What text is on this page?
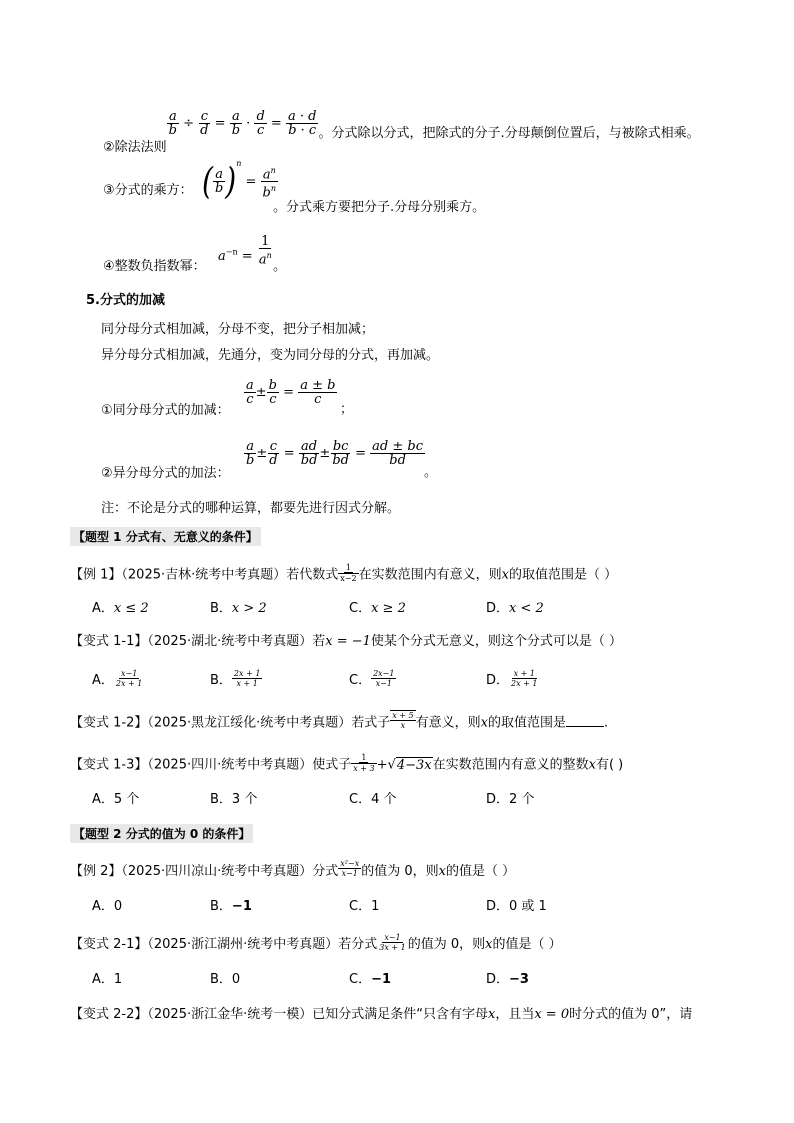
②除法法则
$\frac{a}{b} \div \frac{c}{d} = \frac{a}{b} \cdot \frac{d}{c} = \frac{a \cdot d}{b \cdot c}$ 。分式除以分式，把除式的分子.分母颠倒位置后，与被除式相乘。
③分式的乘方： ( $\frac{a}{b} )^n = \frac{a^n}{b^n}$
。分式乘方要把分子.分母分别乘方。
④整数负指数幂：
$a^{-n} = \frac{1}{a^n}$
。
5.分式的加减
同分母分式相加减，分母不变，把分子相加减；
异分母分式相加减，先通分，变为同分母的分式，再加减。
①同分母分式的加减：
$\frac{a}{c} \pm \frac{b}{c} = \frac{a \pm b}{c}$
；
②异分母分式的加法：
$\frac{a}{b} \pm \frac{c}{d} = \frac{ad}{bd} \pm \frac{bc}{bd} = \frac{ad \pm bc}{bd}$
。
注：不论是分式的哪种运算，都要先进行因式分解。
【题型 1 分式有、无意义的条件】
【例 1】（2025·吉林·统考中考真题）若代数式 $\frac{1}{x-2}$ 在实数范围内有意义，则x的取值范围是（ ）
A．x ≤ 2	B．x > 2	C．x ≥ 2	D．x < 2
【变式 1-1】（2025·湖北·统考中考真题）若x = −1使某个分式无意义，则这个分式可以是（ ）
A． $\frac{x-1}{2x + 1}$	B． $\frac{2x + 1}{x + 1}$	C． $\frac{2x-1}{x-1}$	D． $\frac{x + 1}{2x + 1}$
【变式 1-2】（2025·黑龙江绥化·统考中考真题）若式子 $\frac{x + 5}{x}$ 有意义，则x的取值范围是	.
【变式 1-3】（2025·四川·统考中考真题）使式子 $\frac{1}{x + 3} +√4-3x$在实数范围内有意义的整数x有( )
A．5 个	B．3 个	C．4 个	D．2 个
【题型 2 分式的值为 0 的条件】
【例 2】（2025·四川凉山·统考中考真题）分式 $\frac{\text{x²−x}}{x-1}$ 的值为 0，则x的值是（ ）
A．0	B．−1	C．1	D．0 或 1
【变式 2-1】（2025·浙江湖州·统考中考真题）若分式 $\frac{x-1}{3x + 1}$ 的值为 0，则x的值是（ ）
A．1	B．0	C．−1	D．−3
【变式 2-2】（2025·浙江金华·统考一模）已知分式满足条件“只含有字母x，且当x = 0时分式的值为 0”，请
